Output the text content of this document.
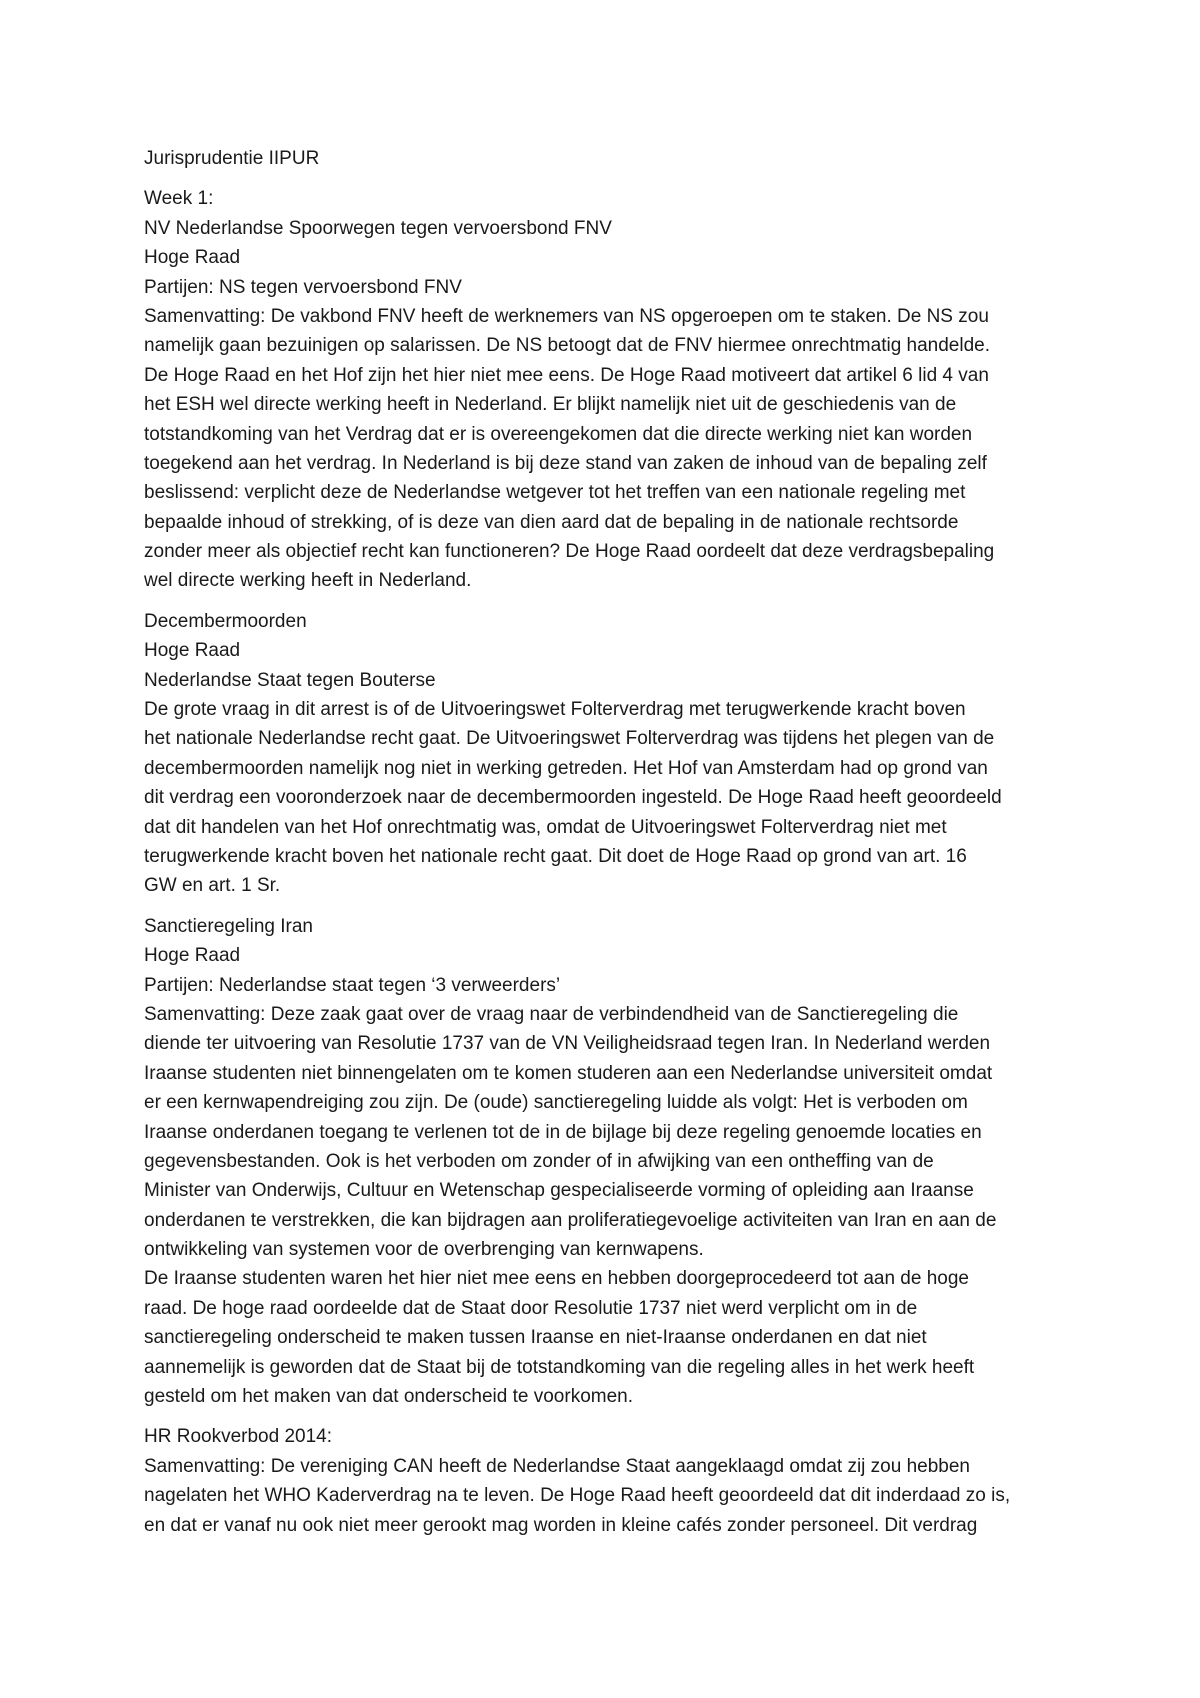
Jurisprudentie IIPUR
Week 1:
NV Nederlandse Spoorwegen tegen vervoersbond FNV
Hoge Raad
Partijen: NS tegen vervoersbond FNV
Samenvatting: De vakbond FNV heeft de werknemers van NS opgeroepen om te staken. De NS zou
namelijk gaan bezuinigen op salarissen. De NS betoogt dat de FNV hiermee onrechtmatig handelde.
De Hoge Raad en het Hof zijn het hier niet mee eens. De Hoge Raad motiveert dat artikel 6 lid 4 van
het ESH wel directe werking heeft in Nederland. Er blijkt namelijk niet uit de geschiedenis van de
totstandkoming van het Verdrag dat er is overeengekomen dat die directe werking niet kan worden
toegekend aan het verdrag. In Nederland is bij deze stand van zaken de inhoud van de bepaling zelf
beslissend: verplicht deze de Nederlandse wetgever tot het treffen van een nationale regeling met
bepaalde inhoud of strekking, of is deze van dien aard dat de bepaling in de nationale rechtsorde
zonder meer als objectief recht kan functioneren? De Hoge Raad oordeelt dat deze verdragsbepaling
wel directe werking heeft in Nederland.
Decembermoorden
Hoge Raad
Nederlandse Staat tegen Bouterse
De grote vraag in dit arrest is of de Uitvoeringswet Folterverdrag met terugwerkende kracht boven
het nationale Nederlandse recht gaat. De Uitvoeringswet Folterverdrag was tijdens het plegen van de
decembermoorden namelijk nog niet in werking getreden. Het Hof van Amsterdam had op grond van
dit verdrag een vooronderzoek naar de decembermoorden ingesteld. De Hoge Raad heeft geoordeeld
dat dit handelen van het Hof onrechtmatig was, omdat de Uitvoeringswet Folterverdrag niet met
terugwerkende kracht boven het nationale recht gaat. Dit doet de Hoge Raad op grond van art. 16
GW en art. 1 Sr.
Sanctieregeling Iran
Hoge Raad
Partijen: Nederlandse staat tegen ‘3 verweerders’
Samenvatting: Deze zaak gaat over de vraag naar de verbindendheid van de Sanctieregeling die
diende ter uitvoering van Resolutie 1737 van de VN Veiligheidsraad tegen Iran. In Nederland werden
Iraanse studenten niet binnengelaten om te komen studeren aan een Nederlandse universiteit omdat
er een kernwapendreiging zou zijn. De (oude) sanctieregeling luidde als volgt: Het is verboden om
Iraanse onderdanen toegang te verlenen tot de in de bijlage bij deze regeling genoemde locaties en
gegevensbestanden. Ook is het verboden om zonder of in afwijking van een ontheffing van de
Minister van Onderwijs, Cultuur en Wetenschap gespecialiseerde vorming of opleiding aan Iraanse
onderdanen te verstrekken, die kan bijdragen aan proliferatiegevoelige activiteiten van Iran en aan de
ontwikkeling van systemen voor de overbrenging van kernwapens.
De Iraanse studenten waren het hier niet mee eens en hebben doorgeprocedeerd tot aan de hoge
raad. De hoge raad oordeelde dat de Staat door Resolutie 1737 niet werd verplicht om in de
sanctieregeling onderscheid te maken tussen Iraanse en niet-Iraanse onderdanen en dat niet
aannemelijk is geworden dat de Staat bij de totstandkoming van die regeling alles in het werk heeft
gesteld om het maken van dat onderscheid te voorkomen.
HR Rookverbod 2014:
Samenvatting: De vereniging CAN heeft de Nederlandse Staat aangeklaagd omdat zij zou hebben
nagelaten het WHO Kaderverdrag na te leven. De Hoge Raad heeft geoordeeld dat dit inderdaad zo is,
en dat er vanaf nu ook niet meer gerookt mag worden in kleine cafés zonder personeel. Dit verdrag
